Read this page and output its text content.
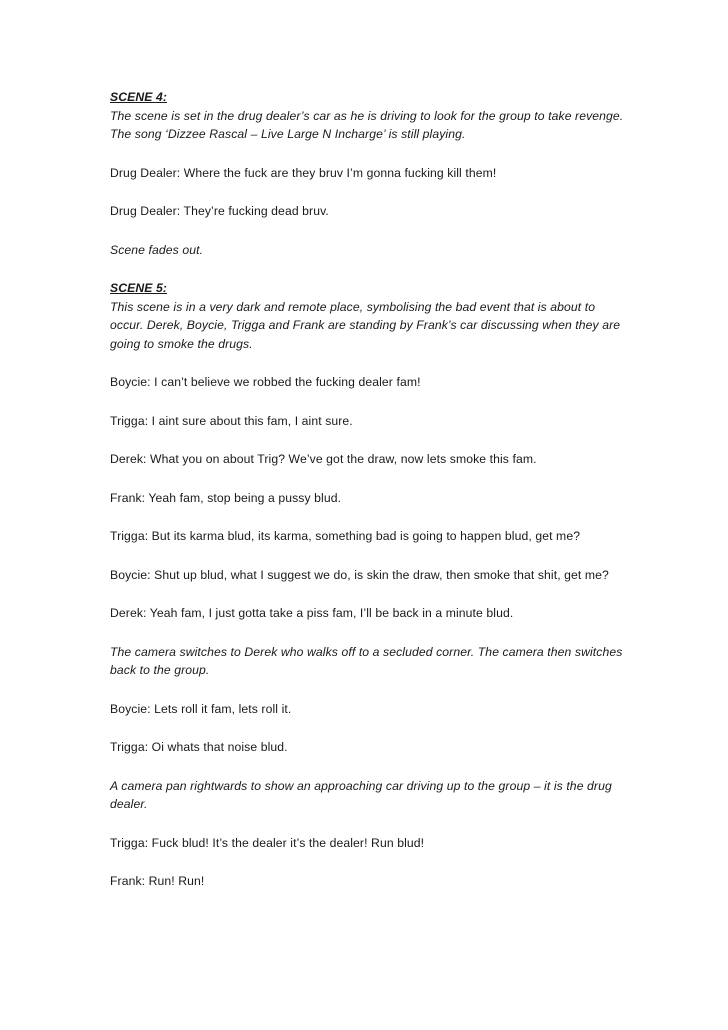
SCENE 4:
The scene is set in the drug dealer’s car as he is driving to look for the group to take revenge. The song ‘Dizzee Rascal – Live Large N Incharge’ is still playing.

Drug Dealer: Where the fuck are they bruv I’m gonna fucking kill them!

Drug Dealer: They’re fucking dead bruv.

Scene fades out.

SCENE 5:
This scene is in a very dark and remote place, symbolising the bad event that is about to occur. Derek, Boycie, Trigga and Frank are standing by Frank’s car discussing when they are going to smoke the drugs.

Boycie: I can’t believe we robbed the fucking dealer fam!

Trigga: I aint sure about this fam, I aint sure.

Derek: What you on about Trig? We’ve got the draw, now lets smoke this fam.

Frank: Yeah fam, stop being a pussy blud.

Trigga: But its karma blud, its karma, something bad is going to happen blud, get me?

Boycie: Shut up blud, what I suggest we do, is skin the draw, then smoke that shit, get me?

Derek: Yeah fam, I just gotta take a piss fam, I’ll be back in a minute blud.

The camera switches to Derek who walks off to a secluded corner. The camera then switches back to the group.

Boycie: Lets roll it fam, lets roll it.

Trigga: Oi whats that noise blud.

A camera pan rightwards to show an approaching car driving up to the group – it is the drug dealer.

Trigga: Fuck blud! It’s the dealer it’s the dealer! Run blud!

Frank: Run! Run!
